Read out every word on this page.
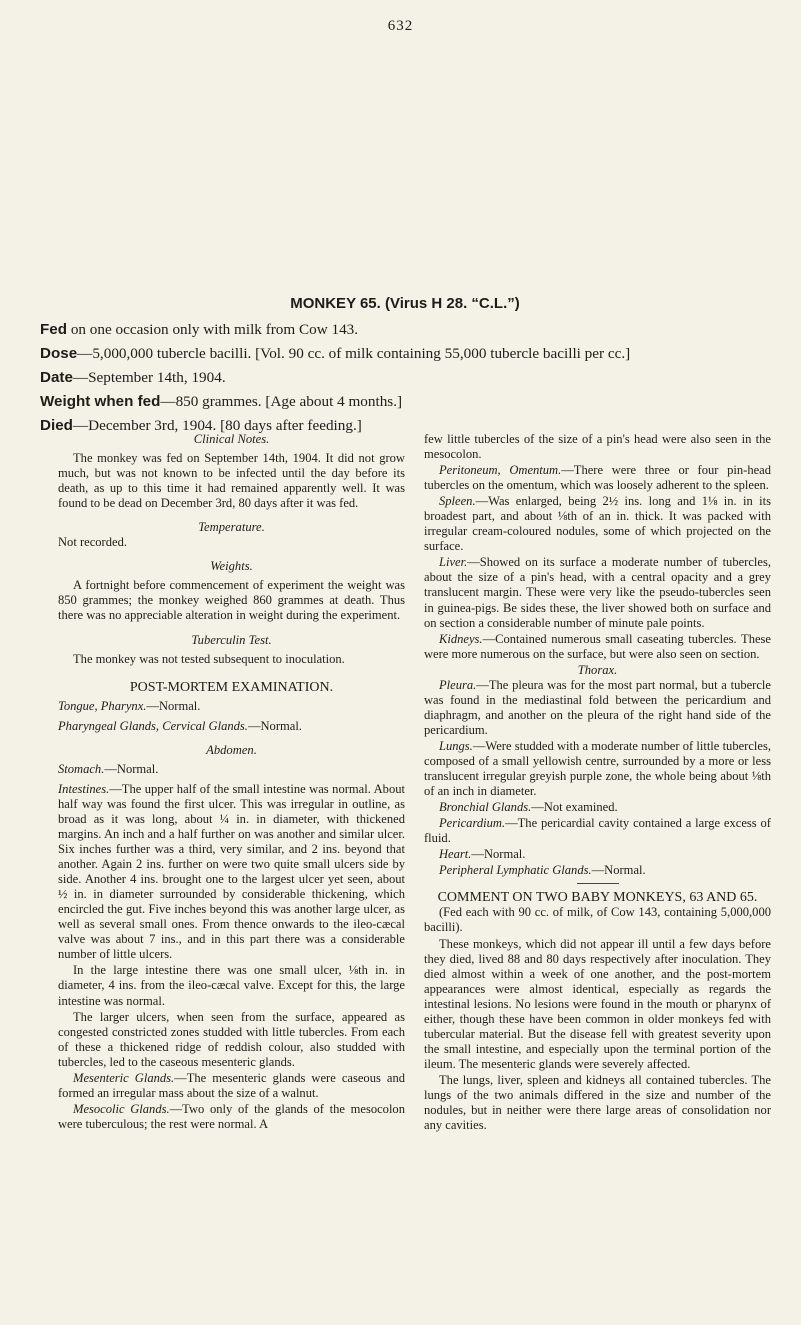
632
MONKEY 65. (Virus H 28. “C.L.”)
Fed on one occasion only with milk from Cow 143.
Dose—5,000,000 tubercle bacilli. [Vol. 90 cc. of milk containing 55,000 tubercle bacilli per cc.]
Date—September 14th, 1904.
Weight when fed—850 grammes. [Age about 4 months.]
Died—December 3rd, 1904. [80 days after feeding.]
Clinical Notes.

The monkey was fed on September 14th, 1904. It did not grow much, but was not known to be infected until the day before its death, as up to this time it had remained apparently well. It was found to be dead on December 3rd, 80 days after it was fed.

Temperature.

Not recorded.

Weights.

A fortnight before commencement of experiment the weight was 850 grammes; the monkey weighed 860 grammes at death. Thus there was no appreciable alteration in weight during the experiment.

Tuberculin Test.

The monkey was not tested subsequent to inoculation.

POST-MORTEM EXAMINATION.

Tongue, Pharynx.—Normal.

Pharyngeal Glands, Cervical Glands.—Normal.

Abdomen.

Stomach.—Normal.

Intestines.—The upper half of the small intestine was normal. About half way was found the first ulcer. This was irregular in outline, as broad as it was long, about ¼ in. in diameter, with thickened margins. An inch and a half further on was another and similar ulcer. Six inches further was a third, very similar, and 2 ins. beyond that another. Again 2 ins. further on were two quite small ulcers side by side. Another 4 ins. brought one to the largest ulcer yet seen, about ½ in. in diameter surrounded by considerable thickening, which encircled the gut. Five inches beyond this was another large ulcer, as well as several small ones. From thence onwards to the ileo-cæcal valve was about 7 ins., and in this part there was a considerable number of little ulcers.

In the large intestine there was one small ulcer, ⅛th in. in diameter, 4 ins. from the ileo-cæcal valve. Except for this, the large intestine was normal.

The larger ulcers, when seen from the surface, appeared as congested constricted zones studded with little tubercles. From each of these a thickened ridge of reddish colour, also studded with tubercles, led to the caseous mesenteric glands.

Mesenteric Glands.—The mesenteric glands were caseous and formed an irregular mass about the size of a walnut.

Mesocolic Glands.—Two only of the glands of the mesocolon were tuberculous; the rest were normal. A

few little tubercles of the size of a pin's head were also seen in the mesocolon.

Peritoneum, Omentum.—There were three or four pin-head tubercles on the omentum, which was loosely adherent to the spleen.

Spleen.—Was enlarged, being 2½ ins. long and 1⅛ in. in its broadest part, and about ⅛th of an in. thick. It was packed with irregular cream-coloured nodules, some of which projected on the surface.

Liver.—Showed on its surface a moderate number of tubercles, about the size of a pin's head, with a central opacity and a grey translucent margin. These were very like the pseudo-tubercles seen in guinea-pigs. Be sides these, the liver showed both on surface and on section a considerable number of minute pale points.

Kidneys.—Contained numerous small caseating tubercles. These were more numerous on the surface, but were also seen on section.

Thorax.

Pleura.—The pleura was for the most part normal, but a tubercle was found in the mediastinal fold between the pericardium and diaphragm, and another on the pleura of the right hand side of the pericardium.

Lungs.—Were studded with a moderate number of little tubercles, composed of a small yellowish centre, surrounded by a more or less translucent irregular greyish purple zone, the whole being about ⅛th of an inch in diameter.

Bronchial Glands.—Not examined.

Pericardium.—The pericardial cavity contained a large excess of fluid.

Heart.—Normal.

Peripheral Lymphatic Glands.—Normal.

COMMENT ON TWO BABY MONKEYS, 63 AND 65.

(Fed each with 90 cc. of milk, of Cow 143, containing 5,000,000 bacilli).

These monkeys, which did not appear ill until a few days before they died, lived 88 and 80 days respectively after inoculation. They died almost within a week of one another, and the post-mortem appearances were almost identical, especially as regards the intestinal lesions. No lesions were found in the mouth or pharynx of either, though these have been common in older monkeys fed with tubercular material. But the disease fell with greatest severity upon the small intestine, and especially upon the terminal portion of the ileum. The mesenteric glands were severely affected.

The lungs, liver, spleen and kidneys all contained tubercles. The lungs of the two animals differed in the size and number of the nodules, but in neither were there large areas of consolidation nor any cavities.
